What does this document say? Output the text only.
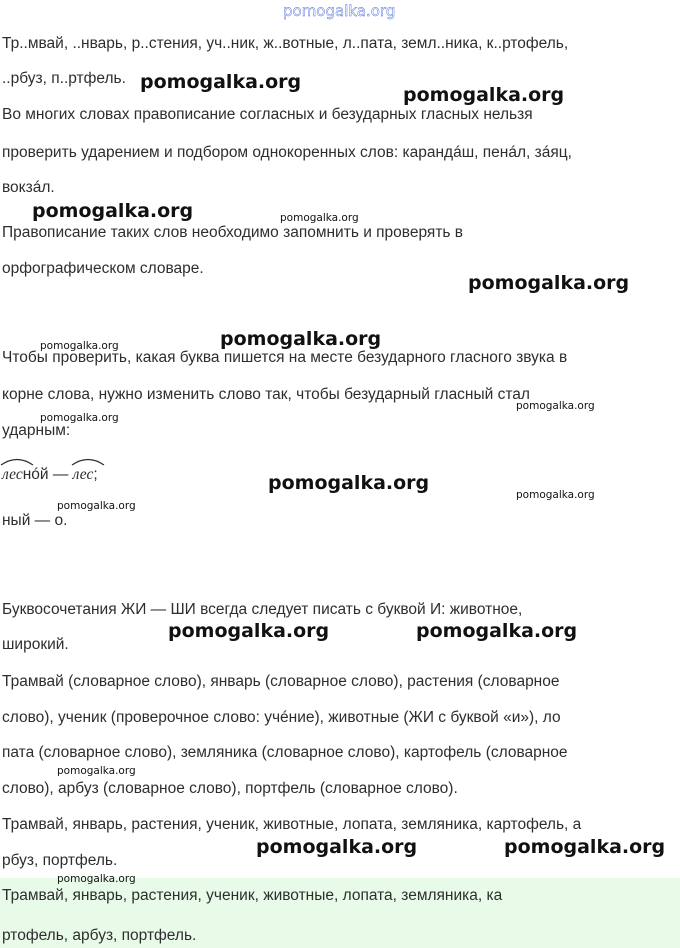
pomogalka.org
Тр..мвай, ..нварь, р..стения, уч..ник, ж..вотные, л..пата, земл..ника, к..ртофель,
..рбуз, п..ртфель.
Во многих словах правописание согласных и безударных гласных нельзя
проверить ударением и подбором однокоренных слов: карандáш, пенáл, зáяц,
вокзáл.
Правописание таких слов необходимо запомнить и проверять в
орфографическом словаре.
Чтобы проверить, какая буква пишется на месте безударного гласного звука в
корне слова, нужно изменить слово так, чтобы безударный гласный стал
ударным:
леснóй —
лес;
ный — о.
Буквосочетания ЖИ — ШИ всегда следует писать с буквой И: животное,
широкий.
Трамвай (словарное слово), январь (словарное слово), растения (словарное
слово), ученик (проверочное слово: учéние), животные (ЖИ с буквой «и»), ло
пата (словарное слово), земляника (словарное слово), картофель (словарное
слово), арбуз (словарное слово), портфель (словарное слово).
Трамвай, январь, растения, ученик, животные, лопата, земляника, картофель, а
рбуз, портфель.
Трамвай, январь, растения, ученик, животные, лопата, земляника, ка
ртофель, арбуз, портфель.
pomogalka.org
pomogalka.org
pomogalka.org	pomogalka.org
pomogalka.org
pomogalka.org
pomogalka.org
pomogalka.org
pomogalka.org
pomogalka.org
pomogalka.org
pomogalka.org
pomogalka.org	pomogalka.org
pomogalka.org
pomogalka.org	pomogalka.org
pomogalka.org
